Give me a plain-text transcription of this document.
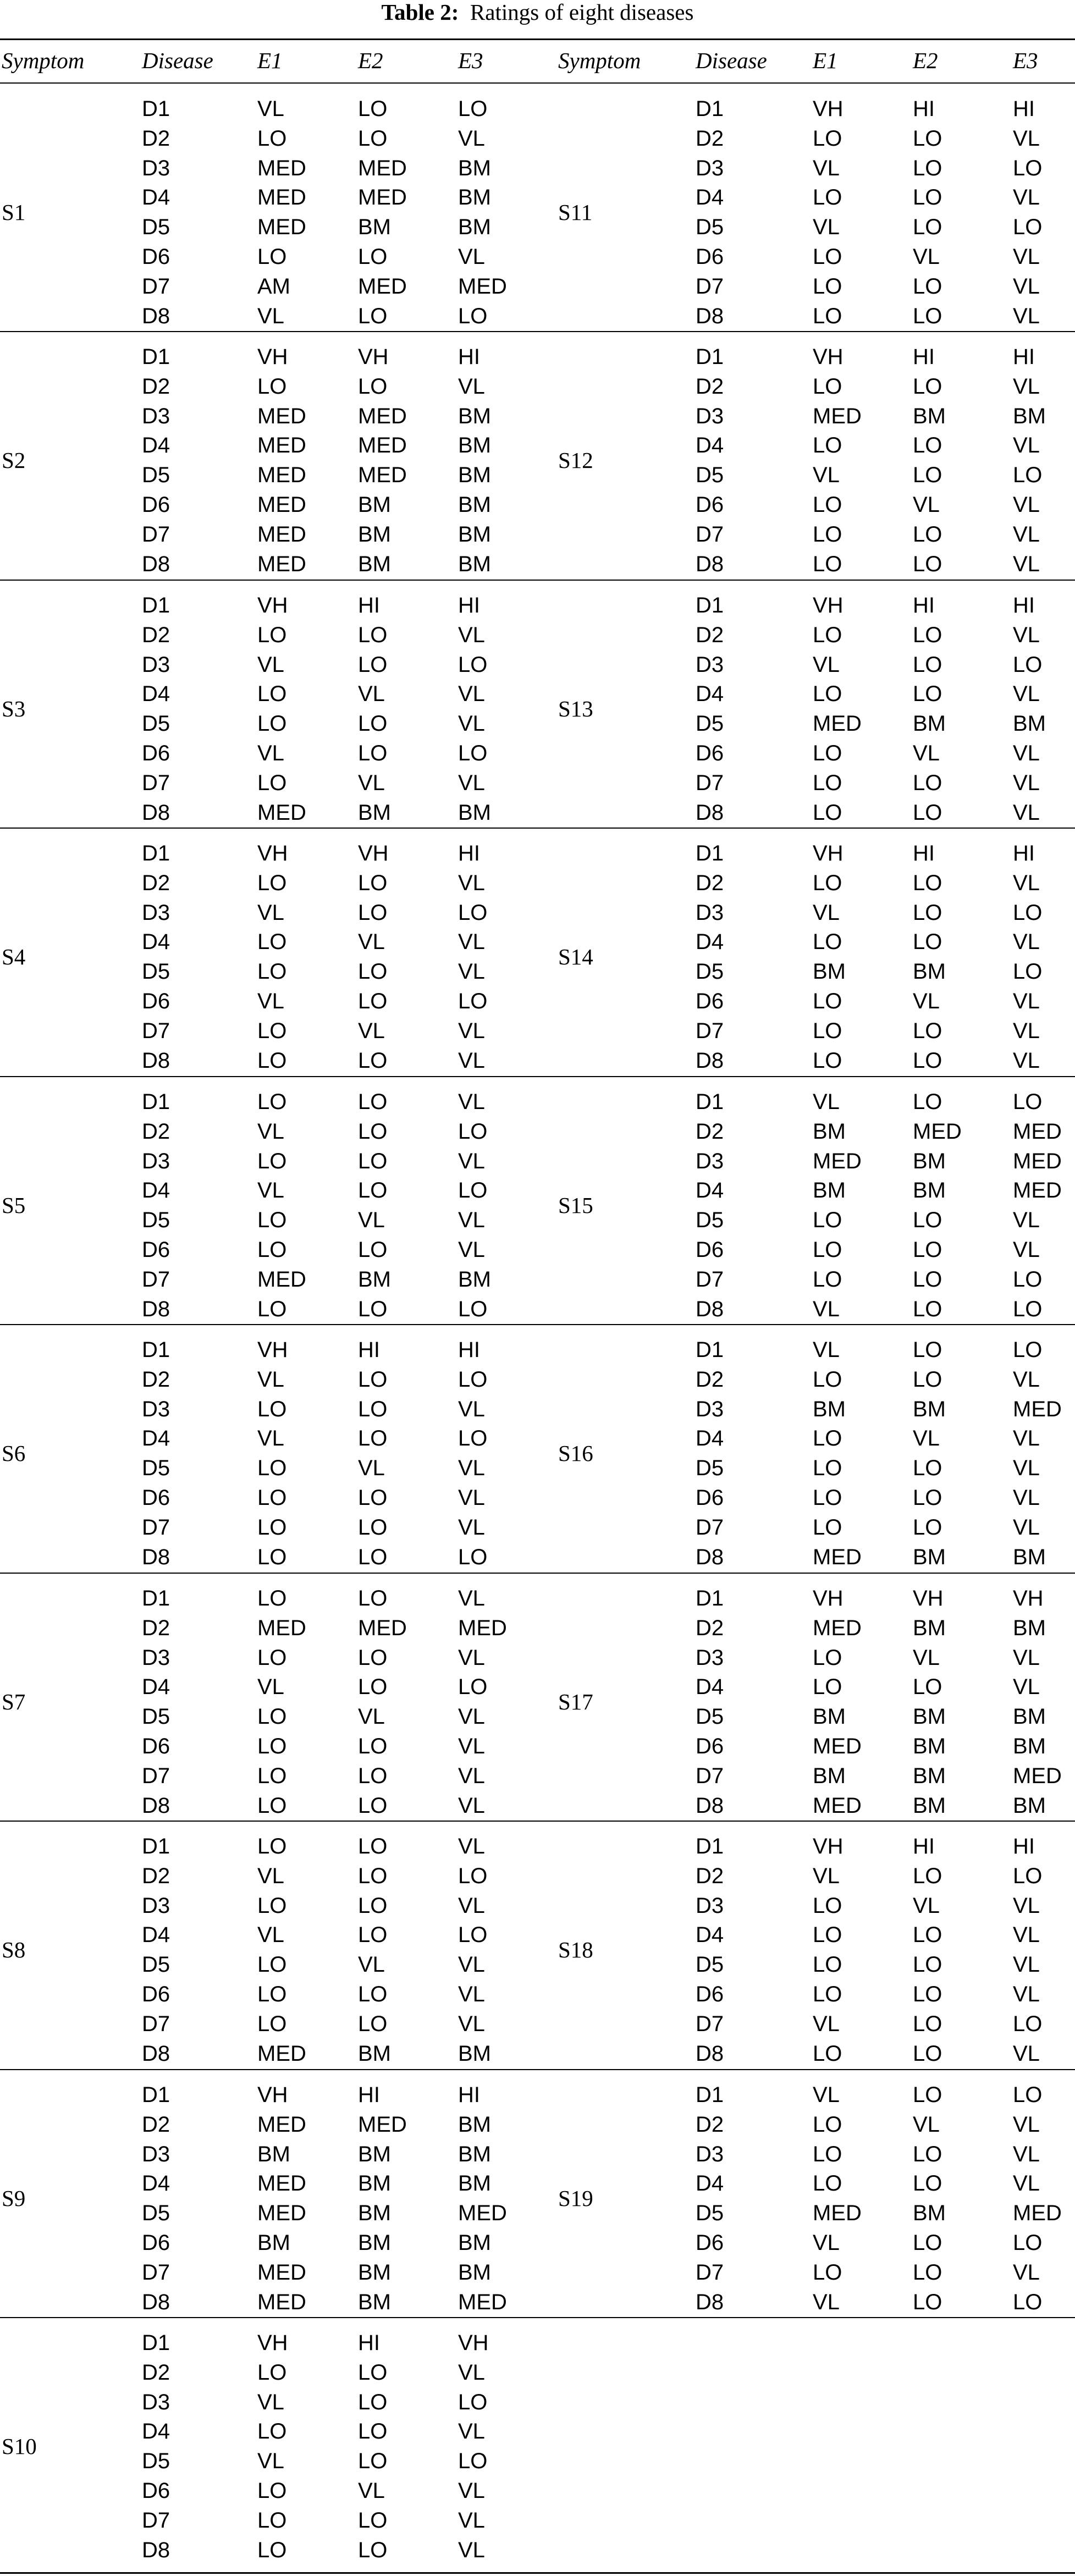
Table 2: Ratings of eight diseases
Symptom	Disease E1	E2	E3	Symptom Disease E1	E2	E3
S1
D1	VL	LO	LO
D2	LO	LO	VL
D3	MED MED BM
D4	MED MED BM
D5	MED BM	BM
D6	LO	LO	VL
D7	AM	MED MED
D8	VL	LO	LO
S11
D1	VH	HI	HI
D2	LO	LO	VL
D3	VL	LO	LO
D4	LO	LO	VL
D5	VL	LO	LO
D6	LO	VL	VL
D7	LO	LO	VL
D8	LO	LO	VL
S2
D1	VH	VH	HI
D2	LO	LO	VL
D3	MED MED BM
D4	MED MED BM
D5	MED MED BM
D6	MED BM	BM
D7	MED BM	BM
D8	MED BM	BM
S12
D1	VH	HI	HI
D2	LO	LO	VL
D3	MED BM	BM
D4	LO	LO	VL
D5	VL	LO	LO
D6	LO	VL	VL
D7	LO	LO	VL
D8	LO	LO	VL
S3
D1	VH	HI	HI
D2	LO	LO	VL
D3	VL	LO	LO
D4	LO	VL	VL
D5	LO	LO	VL
D6	VL	LO	LO
D7	LO	VL	VL
D8	MED BM	BM
S13
D1	VH	HI	HI
D2	LO	LO	VL
D3	VL	LO	LO
D4	LO	LO	VL
D5	MED BM	BM
D6	LO	VL	VL
D7	LO	LO	VL
D8	LO	LO	VL
S4
D1	VH	VH	HI
D2	LO	LO	VL
D3	VL	LO	LO
D4	LO	VL	VL
D5	LO	LO	VL
D6	VL	LO	LO
D7	LO	VL	VL
D8	LO	LO	VL
S14
D1	VH	HI	HI
D2	LO	LO	VL
D3	VL	LO	LO
D4	LO	LO	VL
D5	BM	BM	LO
D6	LO	VL	VL
D7	LO	LO	VL
D8	LO	LO	VL
S5
D1	LO	LO	VL
D2	VL	LO	LO
D3	LO	LO	VL
D4	VL	LO	LO
D5	LO	VL	VL
D6	LO	LO	VL
D7	MED BM	BM
D8	LO	LO	LO
S15
D1	VL	LO	LO
D2	BM	MED MED
D3	MED BM	MED
D4	BM	BM	MED
D5	LO	LO	VL
D6	LO	LO	VL
D7	LO	LO	LO
D8	VL	LO	LO
S6
D1	VH	HI	HI
D2	VL	LO	LO
D3	LO	LO	VL
D4	VL	LO	LO
D5	LO	VL	VL
D6	LO	LO	VL
D7	LO	LO	VL
D8	LO	LO	LO
S16
D1	VL	LO	LO
D2	LO	LO	VL
D3	BM	BM	MED
D4	LO	VL	VL
D5	LO	LO	VL
D6	LO	LO	VL
D7	LO	LO	VL
D8	MED BM	BM
S7
D1	LO	LO	VL
D2	MED MED MED
D3	LO	LO	VL
D4	VL	LO	LO
D5	LO	VL	VL
D6	LO	LO	VL
D7	LO	LO	VL
D8	LO	LO	VL
S17
D1	VH	VH	VH
D2	MED BM	BM
D3	LO	VL	VL
D4	LO	LO	VL
D5	BM	BM	BM
D6	MED BM	BM
D7	BM	BM	MED
D8	MED BM	BM
S8
D1	LO	LO	VL
D2	VL	LO	LO
D3	LO	LO	VL
D4	VL	LO	LO
D5	LO	VL	VL
D6	LO	LO	VL
D7	LO	LO	VL
D8	MED BM	BM
S18
D1	VH	HI	HI
D2	VL	LO	LO
D3	LO	VL	VL
D4	LO	LO	VL
D5	LO	LO	VL
D6	LO	LO	VL
D7	VL	LO	LO
D8	LO	LO	VL
S9
D1	VH	HI	HI
D2	MED MED BM
D3	BM	BM	BM
D4	MED BM	BM
D5	MED BM	MED
D6	BM	BM	BM
D7	MED BM	BM
D8	MED BM	MED
S19
D1	VL	LO	LO
D2	LO	VL	VL
D3	LO	LO	VL
D4	LO	LO	VL
D5	MED BM	MED
D6	VL	LO	LO
D7	LO	LO	VL
D8	VL	LO	LO
S10
D1	VH	HI	VH
D2	LO	LO	VL
D3	VL	LO	LO
D4	LO	LO	VL
D5	VL	LO	LO
D6	LO	VL	VL
D7	LO	LO	VL
D8	LO	LO	VL
